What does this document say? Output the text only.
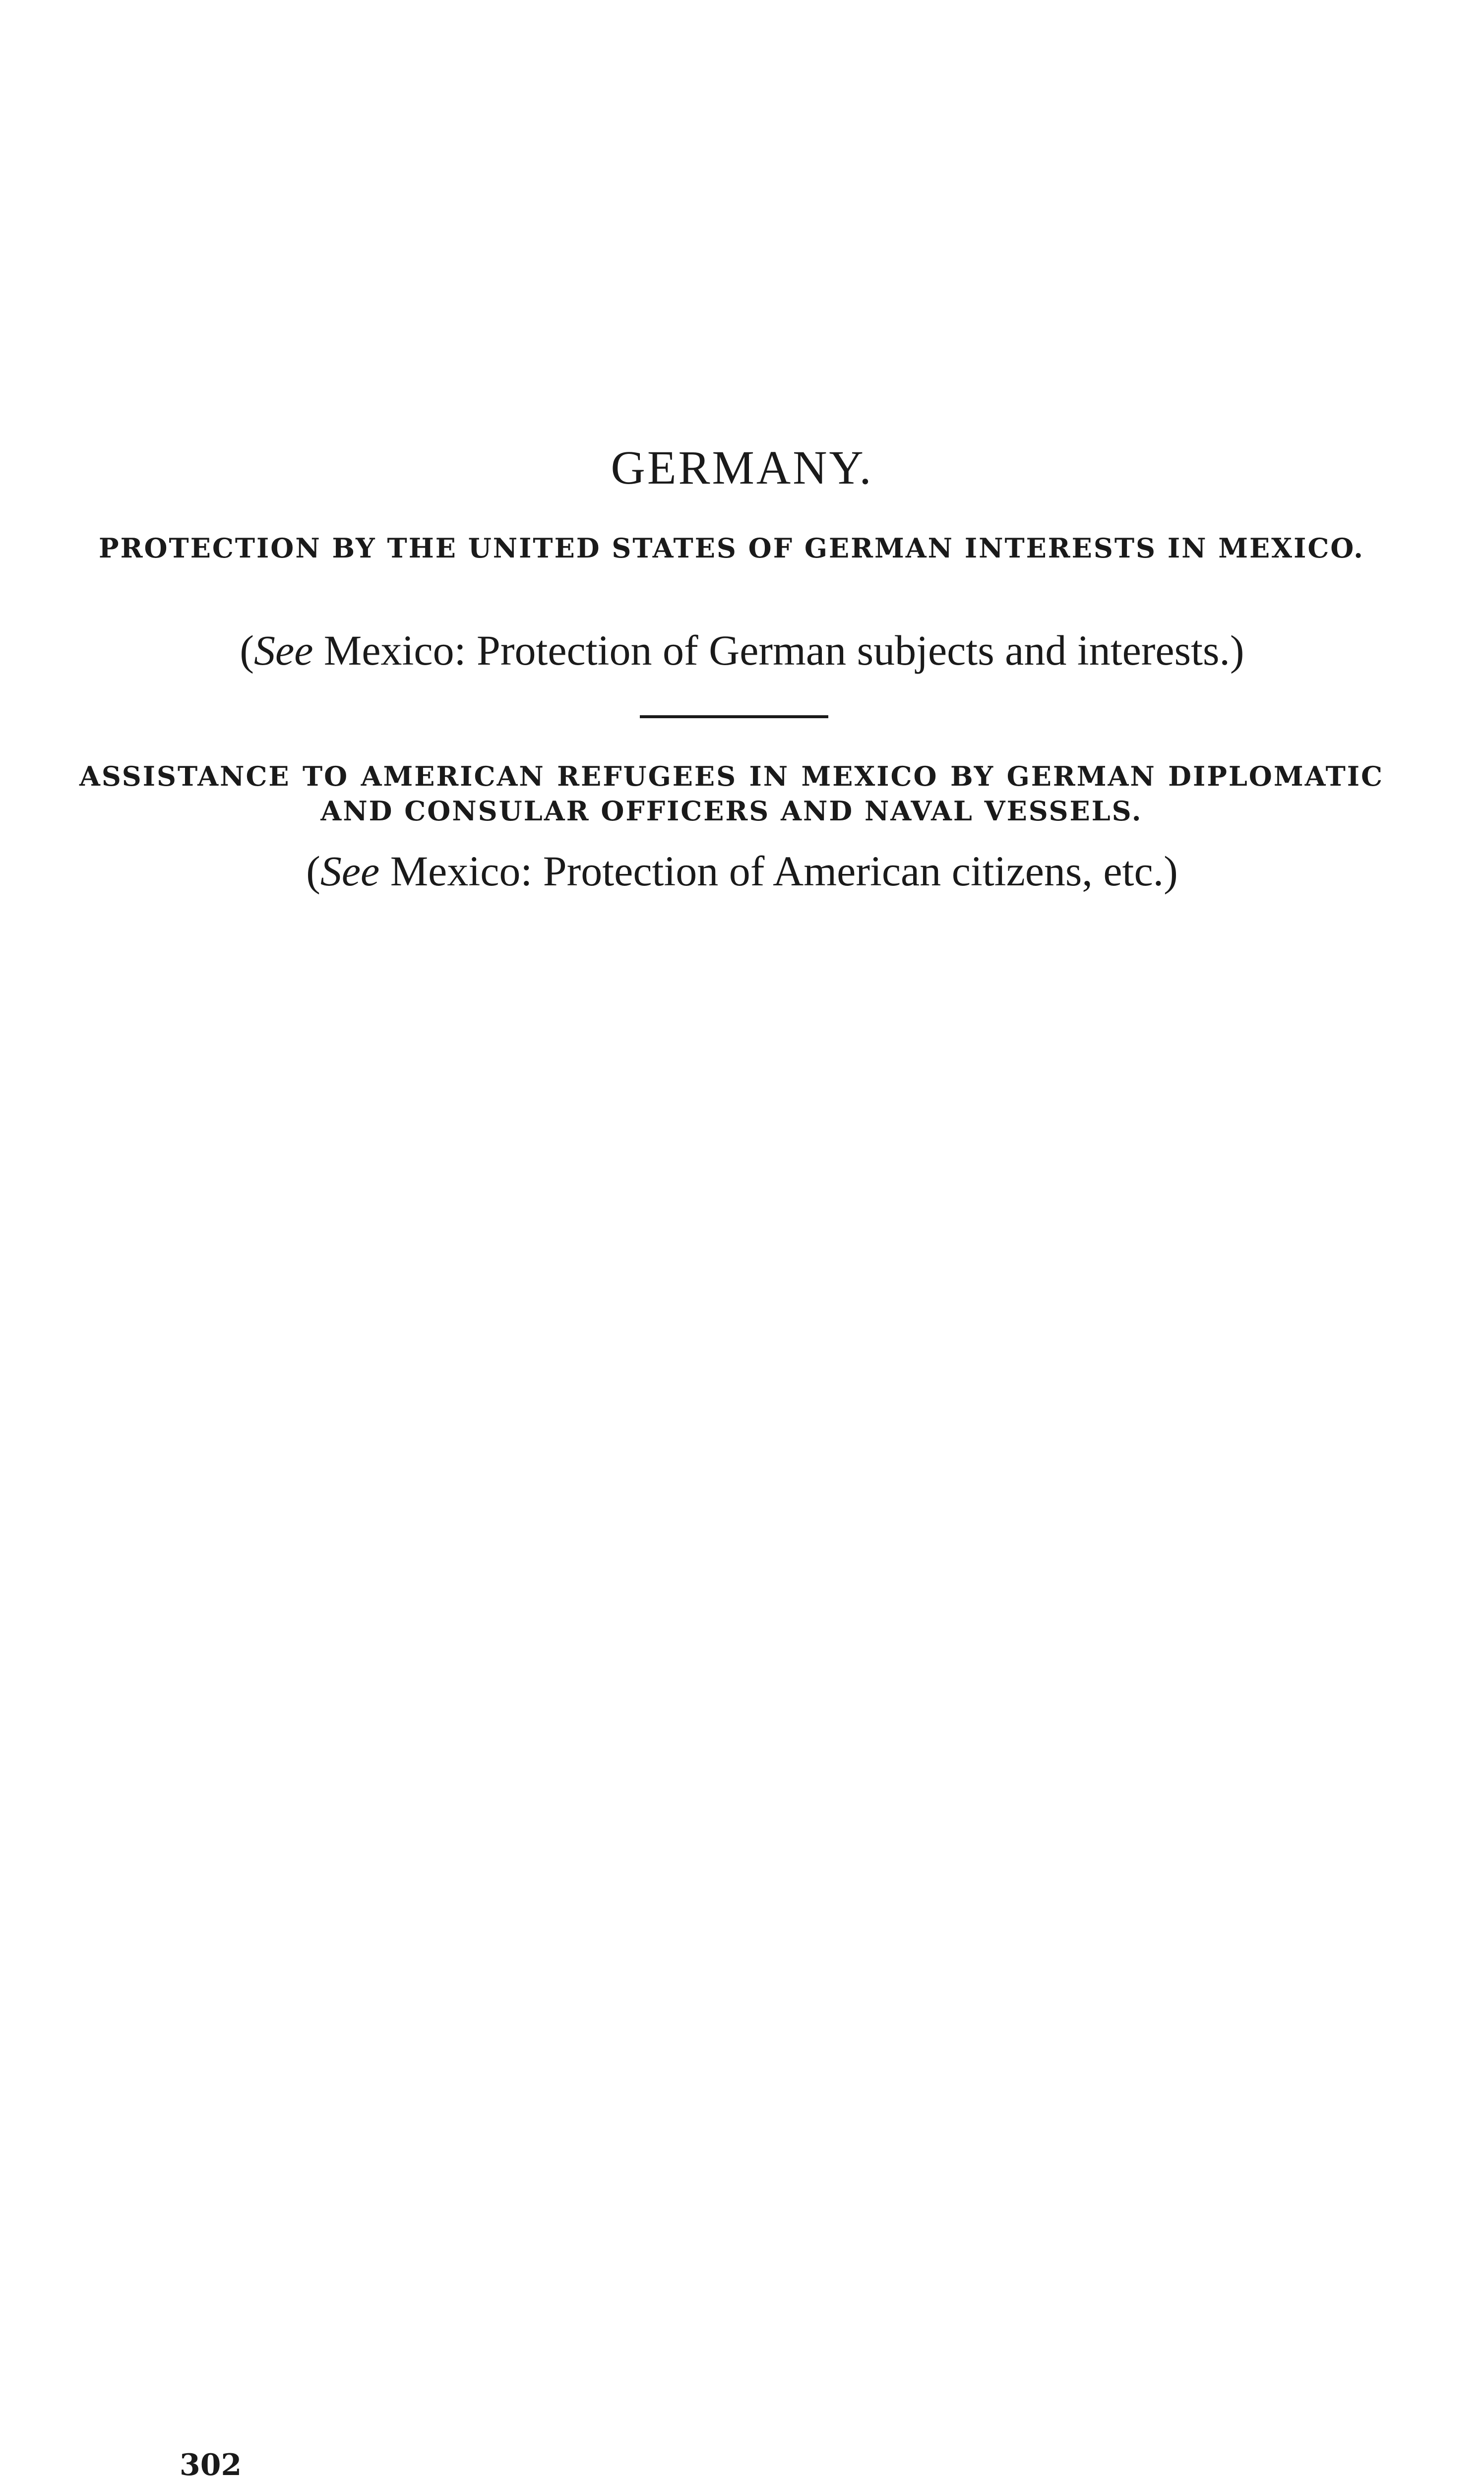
GERMANY.
PROTECTION BY THE UNITED STATES OF GERMAN INTERESTS IN MEXICO.
(See Mexico: Protection of German subjects and interests.)
ASSISTANCE TO AMERICAN REFUGEES IN MEXICO BY GERMAN DIPLOMATIC AND CONSULAR OFFICERS AND NAVAL VESSELS.
(See Mexico: Protection of American citizens, etc.)
302
